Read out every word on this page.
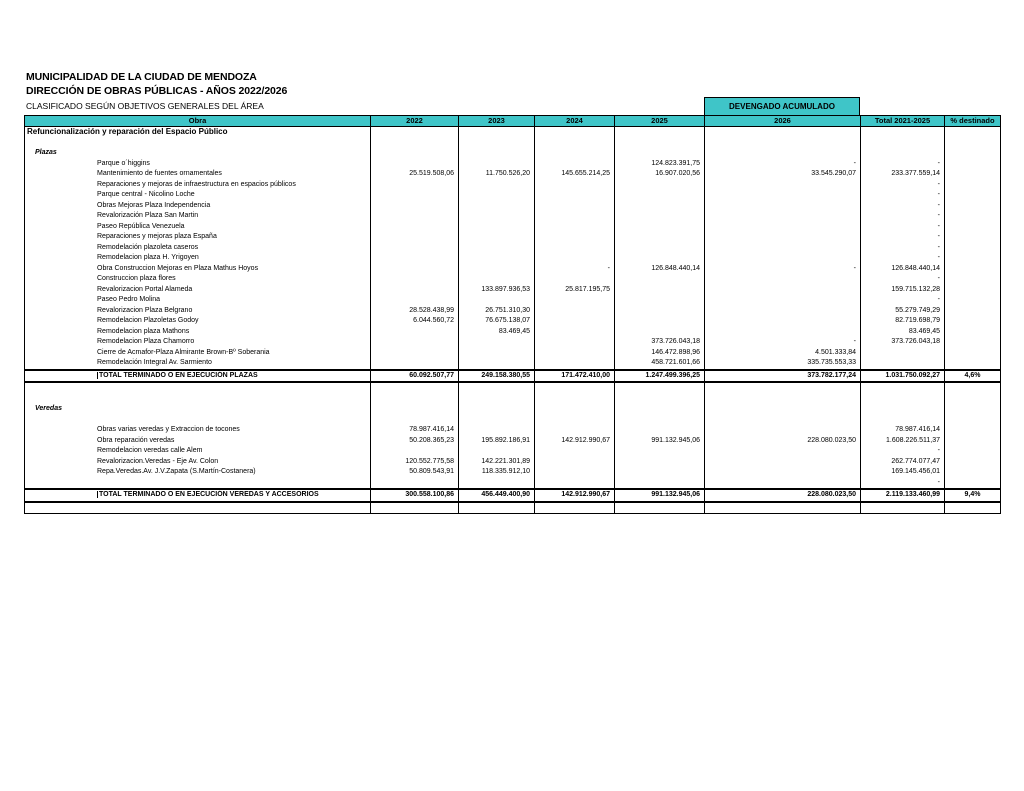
MUNICIPALIDAD DE LA CIUDAD DE MENDOZA
DIRECCIÓN DE OBRAS PÚBLICAS - AÑOS 2022/2026
CLASIFICADO SEGÚN OBJETIVOS GENERALES DEL ÁREA	DEVENGADO ACUMULADO
Obra	2022	2023	2024	2025	2026	Total 2021-2025	% destinado
Refuncionalización y reparación del Espacio Público							

Plazas							
Parque o´higgins				124.823.391,75	-	-	
Mantenimiento de fuentes ornamentales	25.519.508,06	11.750.526,20	145.655.214,25	16.907.020,56	33.545.290,07	233.377.559,14	
Reparaciones y mejoras de infraestructura en espacios públicos						-	
Parque central - Nicolino Loche						-	
Obras Mejoras Plaza Independencia						-	
Revalorización Plaza San Martin						-	
Paseo República Venezuela						-	
Reparaciones y mejoras plaza España						-	
Remodelación plazoleta caseros						-	
Remodelacion plaza H. Yrigoyen						-	
Obra Construccion Mejoras en Plaza Mathus Hoyos			-	126.848.440,14	-	126.848.440,14	
Construccion plaza flores						-	
Revalorizacion Portal Alameda		133.897.936,53	25.817.195,75			159.715.132,28	
Paseo Pedro Molina						-	
Revalorizacion Plaza Belgrano	28.528.438,99	26.751.310,30				55.279.749,29	
Remodelacion Plazoletas Godoy	6.044.560,72	76.675.138,07				82.719.698,79	
Remodelacion plaza Mathons		83.469,45				83.469,45	
Remodelacion Plaza Chamorro				373.726.043,18	-	373.726.043,18	
Cierre de Acmafor-Plaza Almirante Brown-Bº Soberania				146.472.898,96	4.501.333,84		
Remodelación Integral Av. Sarmiento				458.721.601,66	335.735.553,33		
TOTAL TERMINADO O EN EJECUCIÓN PLAZAS	60.092.507,77	249.158.380,55	171.472.410,00	1.247.499.396,25	373.782.177,24	1.031.750.092,27	4,6%

Veredas							

Obras varias veredas y Extraccion de tocones	78.987.416,14					78.987.416,14	
Obra reparación veredas	50.208.365,23	195.892.186,91	142.912.990,67	991.132.945,06	228.080.023,50	1.608.226.511,37	
Remodelacion veredas calle Alem						-	
Revalorizacion.Veredas - Eje Av. Colon	120.552.775,58	142.221.301,89				262.774.077,47	
Repa.Veredas.Av. J.V.Zapata (S.Martín-Costanera)	50.809.543,91	118.335.912,10				169.145.456,01	
						-	
TOTAL TERMINADO O EN EJECUCIÓN VEREDAS Y ACCESORIOS	300.558.100,86	456.449.400,90	142.912.990,67	991.132.945,06	228.080.023,50	2.119.133.460,99	9,4%
